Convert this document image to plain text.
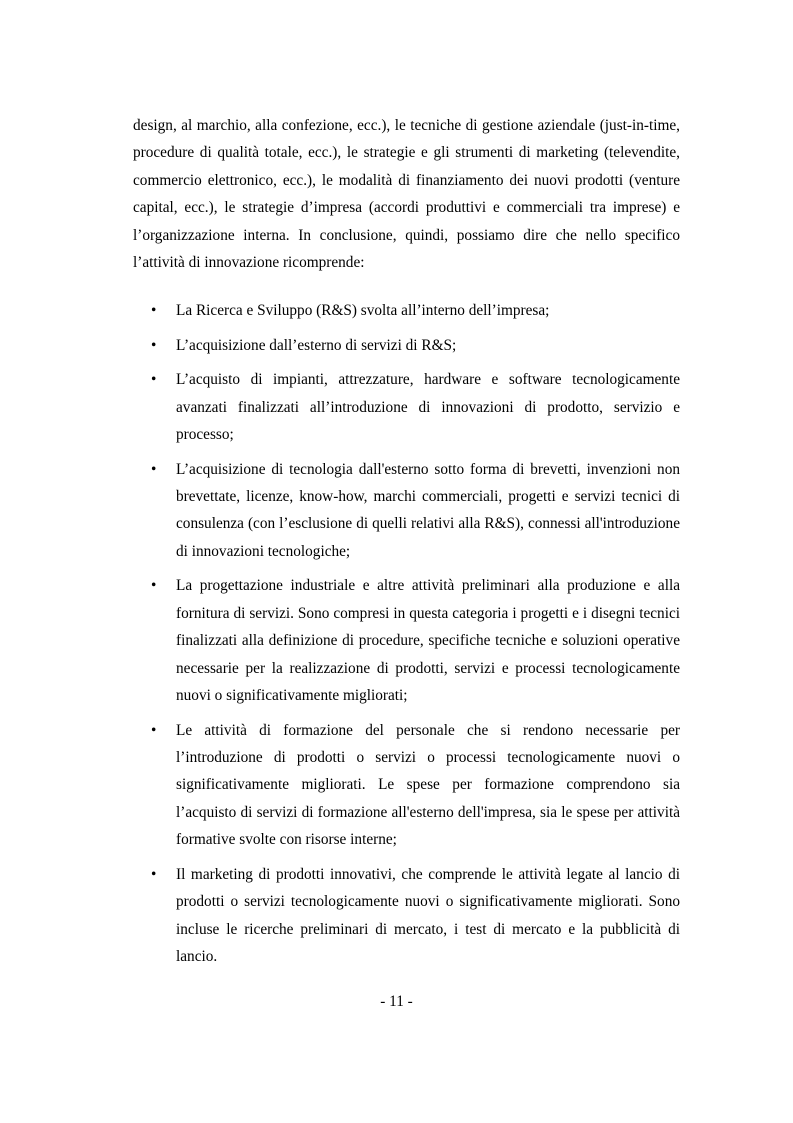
design, al marchio, alla confezione, ecc.), le tecniche di gestione aziendale (just-in-time, procedure di qualità totale, ecc.), le strategie e gli strumenti di marketing (televendite, commercio elettronico, ecc.), le modalità di finanziamento dei nuovi prodotti (venture capital, ecc.), le strategie d’impresa (accordi produttivi e commerciali tra imprese) e l’organizzazione interna. In conclusione, quindi, possiamo dire che nello specifico l’attività di innovazione ricomprende:

• La Ricerca e Sviluppo (R&S) svolta all’interno dell’impresa;
• L’acquisizione dall’esterno di servizi di R&S;
• L’acquisto di impianti, attrezzature, hardware e software tecnologicamente avanzati finalizzati all’introduzione di innovazioni di prodotto, servizio e processo;
• L’acquisizione di tecnologia dall'esterno sotto forma di brevetti, invenzioni non brevettate, licenze, know-how, marchi commerciali, progetti e servizi tecnici di consulenza (con l’esclusione di quelli relativi alla R&S), connessi all'introduzione di innovazioni tecnologiche;
• La progettazione industriale e altre attività preliminari alla produzione e alla fornitura di servizi. Sono compresi in questa categoria i progetti e i disegni tecnici finalizzati alla definizione di procedure, specifiche tecniche e soluzioni operative necessarie per la realizzazione di prodotti, servizi e processi tecnologicamente nuovi o significativamente migliorati;
• Le attività di formazione del personale che si rendono necessarie per l’introduzione di prodotti o servizi o processi tecnologicamente nuovi o significativamente migliorati. Le spese per formazione comprendono sia l’acquisto di servizi di formazione all'esterno dell'impresa, sia le spese per attività formative svolte con risorse interne;
• Il marketing di prodotti innovativi, che comprende le attività legate al lancio di prodotti o servizi tecnologicamente nuovi o significativamente migliorati. Sono incluse le ricerche preliminari di mercato, i test di mercato e la pubblicità di lancio.
- 11 -
